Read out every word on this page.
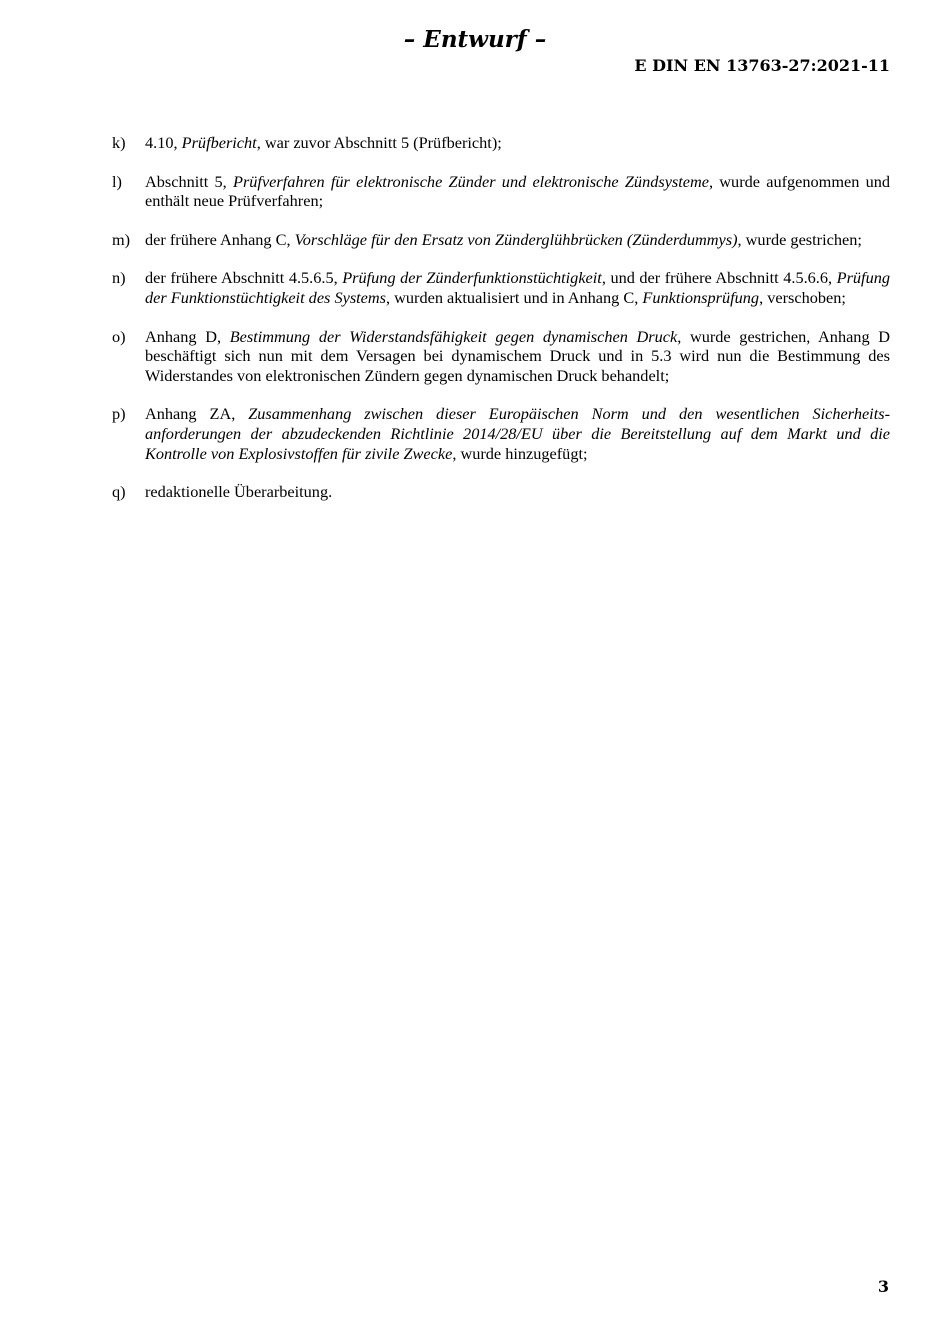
– Entwurf –
E DIN EN 13763-27:2021-11
k) 4.10, Prüfbericht, war zuvor Abschnitt 5 (Prüfbericht);
l) Abschnitt 5, Prüfverfahren für elektronische Zünder und elektronische Zündsysteme, wurde aufgenommen und enthält neue Prüfverfahren;
m) der frühere Anhang C, Vorschläge für den Ersatz von Zünderglühbrücken (Zünderdummys), wurde gestrichen;
n) der frühere Abschnitt 4.5.6.5, Prüfung der Zünderfunktionstüchtigkeit, und der frühere Abschnitt 4.5.6.6, Prüfung der Funktionstüchtigkeit des Systems, wurden aktualisiert und in Anhang C, Funktionsprüfung, verschoben;
o) Anhang D, Bestimmung der Widerstandsfähigkeit gegen dynamischen Druck, wurde gestrichen, Anhang D beschäftigt sich nun mit dem Versagen bei dynamischem Druck und in 5.3 wird nun die Bestimmung des Widerstandes von elektronischen Zündern gegen dynamischen Druck behandelt;
p) Anhang ZA, Zusammenhang zwischen dieser Europäischen Norm und den wesentlichen Sicherheits-anforderungen der abzudeckenden Richtlinie 2014/28/EU über die Bereitstellung auf dem Markt und die Kontrolle von Explosivstoffen für zivile Zwecke, wurde hinzugefügt;
q) redaktionelle Überarbeitung.
3
